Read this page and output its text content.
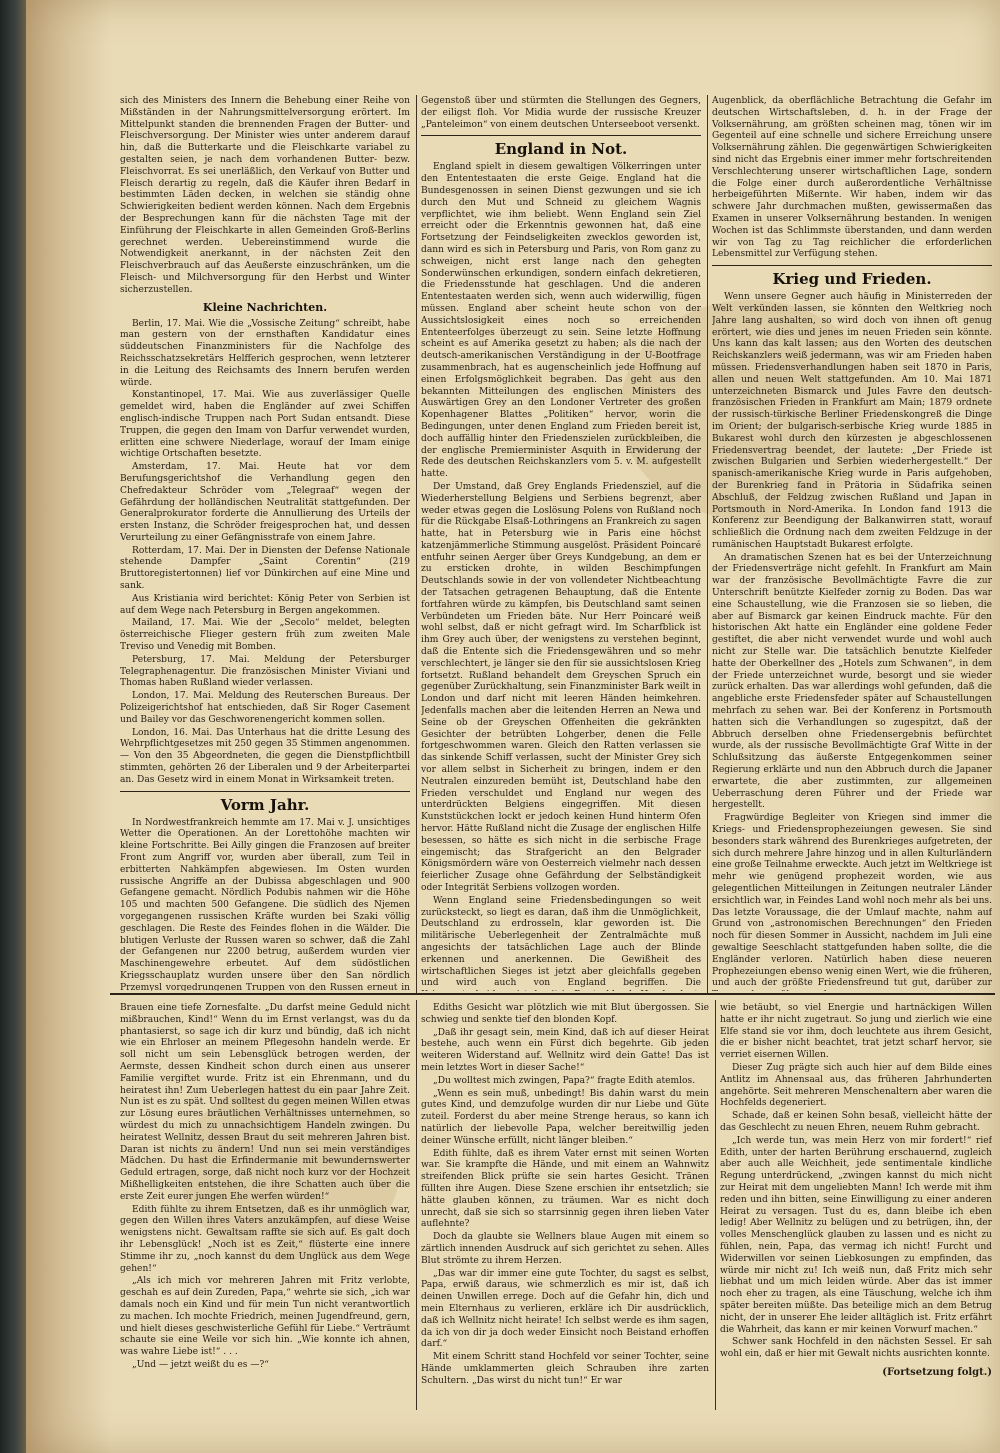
sich des Ministers des Innern die Behebung einer Reihe von Mißständen in der Nahrungsmittelversorgung erörtert. Im Mittelpunkt standen die brennenden Fragen der Butter- und Fleischversorgung. Der Minister wies unter anderem darauf hin, daß die Butterkarte und die Fleischkarte variabel zu gestalten seien, je nach dem vorhandenen Butter- bezw. Fleischvorrat. Es sei unerläßlich, den Verkauf von Butter und Fleisch derartig zu regeln, daß die Käufer ihren Bedarf in bestimmten Läden decken, in welchen sie ständig ohne Schwierigkeiten bedient werden können. Nach dem Ergebnis der Besprechungen kann für die nächsten Tage mit der Einführung der Fleischkarte in allen Gemeinden Groß-Berlins gerechnet werden. Uebereinstimmend wurde die Notwendigkeit anerkannt, in der nächsten Zeit den Fleischverbrauch auf das Aeußerste einzuschränken, um die Fleisch- und Milchversorgung für den Herbst und Winter sicherzustellen.

Kleine Nachrichten.

Berlin, 17. Mai. Wie die „Vossische Zeitung“ schreibt, habe man gestern von der ernsthaften Kandidatur eines süddeutschen Finanzministers für die Nachfolge des Reichsschatzsekretärs Helfferich gesprochen, wenn letzterer in die Leitung des Reichsamts des Innern berufen werden würde.

Konstantinopel, 17. Mai. Wie aus zuverlässiger Quelle gemeldet wird, haben die Engländer auf zwei Schiffen englisch-indische Truppen nach Port Sudan entsandt. Diese Truppen, die gegen den Imam von Darfur verwendet wurden, erlitten eine schwere Niederlage, worauf der Imam einige wichtige Ortschaften besetzte.

Amsterdam, 17. Mai. Heute hat vor dem Berufungsgerichtshof die Verhandlung gegen den Chefredakteur Schröder vom „Telegraaf“ wegen der Gefährdung der holländischen Neutralität stattgefunden. Der Generalprokurator forderte die Annullierung des Urteils der ersten Instanz, die Schröder freigesprochen hat, und dessen Verurteilung zu einer Gefängnisstrafe von einem Jahre.

Rotterdam, 17. Mai. Der in Diensten der Defense Nationale stehende Dampfer „Saint Corentin“ (219 Bruttoregistertonnen) lief vor Dünkirchen auf eine Mine und sank.

Aus Kristiania wird berichtet: König Peter von Serbien ist auf dem Wege nach Petersburg in Bergen angekommen.

Mailand, 17. Mai. Wie der „Secolo“ meldet, belegten österreichische Flieger gestern früh zum zweiten Male Treviso und Venedig mit Bomben.

Petersburg, 17. Mai. Meldung der Petersburger Telegraphenagentur. Die französischen Minister Viviani und Thomas haben Rußland wieder verlassen.

London, 17. Mai. Meldung des Reuterschen Bureaus. Der Polizeigerichtshof hat entschieden, daß Sir Roger Casement und Bailey vor das Geschworenengericht kommen sollen.

London, 16. Mai. Das Unterhaus hat die dritte Lesung des Wehrpflichtgesetzes mit 250 gegen 35 Stimmen angenommen. — Von den 35 Abgeordneten, die gegen die Dienstpflichtbill stimmten, gehörten 26 der Liberalen und 9 der Arbeiterpartei an. Das Gesetz wird in einem Monat in Wirksamkeit treten.

Vorm Jahr.

In Nordwestfrankreich hemmte am 17. Mai v. J. unsichtiges Wetter die Operationen. An der Lorettohöhe machten wir kleine Fortschritte. Bei Ailly gingen die Franzosen auf breiter Front zum Angriff vor, wurden aber überall, zum Teil in erbitterten Nahkämpfen abgewiesen. Im Osten wurden russische Angriffe an der Dubissa abgeschlagen und 900 Gefangene gemacht. Nördlich Podubis nahmen wir die Höhe 105 und machten 500 Gefangene. Die südlich des Njemen vorgegangenen russischen Kräfte wurden bei Szaki völlig geschlagen. Die Reste des Feindes flohen in die Wälder. Die blutigen Verluste der Russen waren so schwer, daß die Zahl der Gefangenen nur 2200 betrug, außerdem wurden vier Maschinengewehre erbeutet. Auf dem südöstlichen Kriegsschauplatz wurden unsere über den San nördlich Przemysl vorgedrungenen Truppen von den Russen erneut in

Gegenstoß über und stürmten die Stellungen des Gegners, der eiligst floh. Vor Midia wurde der russische Kreuzer „Panteleimon“ von einem deutschen Unterseeboot versenkt.

England in Not.

England spielt in diesem gewaltigen Völkerringen unter den Ententestaaten die erste Geige. England hat die Bundesgenossen in seinen Dienst gezwungen und sie ich durch den Mut und Schneid zu gleichem Wagnis verpflichtet, wie ihm beliebt. Wenn England sein Ziel erreicht oder die Erkenntnis gewonnen hat, daß eine Fortsetzung der Feindseligkeiten zwecklos geworden ist, dann wird es sich in Petersburg und Paris, von Rom ganz zu schweigen, nicht erst lange nach den gehegten Sonderwünschen erkundigen, sondern einfach dekretieren, die Friedensstunde hat geschlagen. Und die anderen Ententestaaten werden sich, wenn auch widerwillig, fügen müssen. England aber scheint heute schon von der Aussichtslosigkeit eines noch so erreichenden Ententeerfolges überzeugt zu sein. Seine letzte Hoffnung scheint es auf Amerika gesetzt zu haben; als die nach der deutsch-amerikanischen Verständigung in der U-Bootfrage zusammenbrach, hat es augenscheinlich jede Hoffnung auf einen Erfolgsmöglichkeit begraben. Das geht aus den bekannten Mitteilungen des englischen Ministers des Auswärtigen Grey an den Londoner Vertreter des großen Kopenhagener Blattes „Politiken“ hervor, worin die Bedingungen, unter denen England zum Frieden bereit ist, doch auffällig hinter den Friedenszielen zurückbleiben, die der englische Premierminister Asquith in Erwiderung der Rede des deutschen Reichskanzlers vom 5. v. M. aufgestellt hatte.

Der Umstand, daß Grey Englands Friedensziel, auf die Wiederherstellung Belgiens und Serbiens begrenzt, aber weder etwas gegen die Loslösung Polens von Rußland noch für die Rückgabe Elsaß-Lothringens an Frankreich zu sagen hatte, hat in Petersburg wie in Paris eine höchst katzenjämmerliche Stimmung ausgelöst. Präsident Poincaré entfuhr seinen Aerger über Greys Kundgebung, an dem er zu ersticken drohte, in wilden Beschimpfungen Deutschlands sowie in der von vollendeter Nichtbeachtung der Tatsachen getragenen Behauptung, daß die Entente fortfahren würde zu kämpfen, bis Deutschland samt seinen Verbündeten um Frieden bäte. Nur Herr Poincaré weiß wohl selbst, daß er nicht gefragt wird. Im Scharfblick ist ihm Grey auch über, der wenigstens zu verstehen beginnt, daß die Entente sich die Friedensgewähren und so mehr verschlechtert, je länger sie den für sie aussichtslosen Krieg fortsetzt. Rußland behandelt dem Greyschen Spruch ein gegenüber Zurückhaltung, sein Finanzminister Bark weilt in London und darf nicht mit leeren Händen heimkehren. Jedenfalls machen aber die leitenden Herren an Newa und Seine ob der Greyschen Offenheiten die gekränkten Gesichter der betrübten Lohgerber, denen die Felle fortgeschwommen waren. Gleich den Ratten verlassen sie das sinkende Schiff verlassen, sucht der Minister Grey sich vor allem selbst in Sicherheit zu bringen, indem er den Neutralen einzureden bemüht ist, Deutschland habe den Frieden verschuldet und England nur wegen des unterdrückten Belgiens eingegriffen. Mit diesen Kunststückchen lockt er jedoch keinen Hund hinterm Ofen hervor. Hätte Rußland nicht die Zusage der englischen Hilfe besessen, so hätte es sich nicht in die serbische Frage eingemischt; das Strafgericht an den Belgrader Königsmördern wäre von Oesterreich vielmehr nach dessen feierlicher Zusage ohne Gefährdung der Selbständigkeit oder Integrität Serbiens vollzogen worden.

Wenn England seine Friedensbedingungen so weit zurücksteckt, so liegt es daran, daß ihm die Unmöglichkeit, Deutschland zu erdrosseln, klar geworden ist. Die militärische Ueberlegenheit der Zentralmächte muß angesichts der tatsächlichen Lage auch der Blinde erkennen und anerkennen. Die Gewißheit des wirtschaftlichen Sieges ist jetzt aber gleichfalls gegeben und wird auch von England begriffen. Die

Augenblick, da oberflächliche Betrachtung die Gefahr im deutschen Wirtschaftsleben, d. h. in der Frage der Volksernährung, am größten scheinen mag, tönen wir im Gegenteil auf eine schnelle und sichere Erreichung unsere Volksernährung zählen. Die gegenwärtigen Schwierigkeiten sind nicht das Ergebnis einer immer mehr fortschreitenden Verschlechterung unserer wirtschaftlichen Lage, sondern die Folge einer durch außerordentliche Verhältnisse herbeigeführten Mißernte. Wir haben, indem wir das schwere Jahr durchmachen mußten, gewissermaßen das Examen in unserer Volksernährung bestanden. In wenigen Wochen ist das Schlimmste überstanden, und dann werden wir von Tag zu Tag reichlicher die erforderlichen Lebensmittel zur Verfügung stehen.

Krieg und Frieden.

Wenn unsere Gegner auch häufig in Ministerreden der Welt verkünden lassen, sie könnten den Weltkrieg noch Jahre lang aushalten, so wird doch von ihnen oft genug erörtert, wie dies und jenes im neuen Frieden sein könnte. Uns kann das kalt lassen; aus den Worten des deutschen Reichskanzlers weiß jedermann, was wir am Frieden haben müssen. Friedensverhandlungen haben seit 1870 in Paris, allen und neuen Welt stattgefunden. Am 10. Mai 1871 unterzeichneten Bismarck und Jules Favre den deutsch-französischen Frieden in Frankfurt am Main; 1879 ordnete der russisch-türkische Berliner Friedenskongreß die Dinge im Orient; der bulgarisch-serbische Krieg wurde 1885 in Bukarest wohl durch den kürzesten je abgeschlossenen Friedensvertrag beendet, der lautete: „Der Friede ist zwischen Bulgarien und Serbien wiederhergestellt.“ Der spanisch-amerikanische Krieg wurde in Paris aufgehoben, der Burenkrieg fand in Prätoria in Südafrika seinen Abschluß, der Feldzug zwischen Rußland und Japan in Portsmouth in Nord-Amerika. In London fand 1913 die Konferenz zur Beendigung der Balkanwirren statt, worauf schließlich die Ordnung nach dem zweiten Feldzuge in der rumänischen Hauptstadt Bukarest erfolgte.

An dramatischen Szenen hat es bei der Unterzeichnung der Friedensverträge nicht gefehlt. In Frankfurt am Main war der französische Bevollmächtigte Favre die zur Unterschrift benützte Kielfeder zornig zu Boden. Das war eine Schaustellung, wie die Franzosen sie so lieben, die aber auf Bismarck gar keinen Eindruck machte. Für den historischen Akt hatte ein Engländer eine goldene Feder gestiftet, die aber nicht verwendet wurde und wohl auch nicht zur Stelle war. Die tatsächlich benutzte Kielfeder hatte der Oberkellner des „Hotels zum Schwanen“, in dem der Friede unterzeichnet wurde, besorgt und sie wieder zurück erhalten. Das war allerdings wohl gefunden, daß die angebliche erste Friedensfeder später auf Schaustellungen mehrfach zu sehen war. Bei der Konferenz in Portsmouth hatten sich die Verhandlungen so zugespitzt, daß der Abbruch derselben ohne Friedensergebnis befürchtet wurde, als der russische Bevollmächtigte Graf Witte in der Schlußsitzung das äußerste Entgegenkommen seiner Regierung erklärte und nun den Abbruch durch die Japaner erwartete, die aber zustimmten, zur allgemeinen Ueberraschung deren Führer und der Friede war hergestellt.

Fragwürdige Begleiter von Kriegen sind immer die Kriegs- und Friedensprophezeiungen gewesen. Sie sind besonders stark während des Burenkrieges aufgetreten, der sich durch mehrere Jahre hinzog und in allen Kulturländern eine große Teilnahme erweckte. Auch jetzt im Weltkriege ist mehr wie genügend prophezeit worden, wie aus gelegentlichen Mitteilungen in Zeitungen neutraler Länder ersichtlich war, in Feindes Land wohl noch mehr als bei uns. Das letzte Voraussage, die der Umlauf machte, nahm auf Grund von „astronomischen Berechnungen“ den Frieden noch für diesen Sommer in Aussicht, nachdem im Juli eine gewaltige Seeschlacht stattgefunden haben sollte, die die Engländer verloren. Natürlich haben diese neueren Prophezeiungen ebenso wenig einen Wert, wie die früheren, und auch der größte Friedensfreund tut gut, darüber zur

Brauen eine tiefe Zornesfalte. „Du darfst meine Geduld nicht mißbrauchen, Kind!“ Wenn du im Ernst verlangst, was du da phantasierst, so sage ich dir kurz und bündig, daß ich nicht wie ein Ehrloser an meinem Pflegesohn handeln werde. Er soll nicht um sein Lebensglück betrogen werden, der Aermste, dessen Kindheit schon durch einen aus unserer Familie vergiftet wurde. Fritz ist ein Ehrenmann, und du heiratest ihn! Zum Ueberlegen hattest du ein paar Jahre Zeit. Nun ist es zu spät. Und solltest du gegen meinen Willen etwas zur Lösung eures bräutlichen Verhältnisses unternehmen, so würdest du mich zu unnachsichtigem Handeln zwingen. Du heiratest Wellnitz, dessen Braut du seit mehreren Jahren bist. Daran ist nichts zu ändern! Und nun sei mein verständiges Mädchen. Du hast die Erfindermanie mit bewundernswerter Geduld ertragen, sorge, daß nicht noch kurz vor der Hochzeit Mißhelligkeiten entstehen, die ihre Schatten auch über die erste Zeit eurer jungen Ehe werfen würden!“

Edith fühlte zu ihrem Entsetzen, daß es ihr unmöglich war, gegen den Willen ihres Vaters anzukämpfen, auf diese Weise wenigstens nicht. Gewaltsam raffte sie sich auf. Es galt doch ihr Lebensglück! „Noch ist es Zeit,“ flüsterte eine innere Stimme ihr zu, „noch kannst du dem Unglück aus dem Wege gehen!“

„Als ich mich vor mehreren Jahren mit Fritz verlobte, geschah es auf dein Zureden, Papa,“ wehrte sie sich, „ich war damals noch ein Kind und für mein Tun nicht verantwortlich zu machen. Ich mochte Friedrich, meinen Jugendfreund, gern, und hielt dieses geschwisterliche Gefühl für Liebe.“ Verträumt schaute sie eine Weile vor sich hin. „Wie konnte ich ahnen, was wahre Liebe ist!“ . . .

„Und — jetzt weißt du es —?“

Ediths Gesicht war plötzlich wie mit Blut übergossen. Sie schwieg und senkte tief den blonden Kopf.

„Daß ihr gesagt sein, mein Kind, daß ich auf dieser Heirat bestehe, auch wenn ein Fürst dich begehrte. Gib jeden weiteren Widerstand auf. Wellnitz wird dein Gatte! Das ist mein letztes Wort in dieser Sache!“

„Du wolltest mich zwingen, Papa?“ fragte Edith atemlos.

„Wenn es sein muß, unbedingt! Bis dahin warst du mein gutes Kind, und demzufolge wurden dir nur Liebe und Güte zuteil. Forderst du aber meine Strenge heraus, so kann ich natürlich der liebevolle Papa, welcher bereitwillig jeden deiner Wünsche erfüllt, nicht länger bleiben.“

Edith fühlte, daß es ihrem Vater ernst mit seinen Worten war. Sie krampfte die Hände, und mit einem an Wahnwitz streifenden Blick prüfte sie sein hartes Gesicht. Tränen füllten ihre Augen. Diese Szene erschien ihr entsetzlich; sie hätte glauben können, zu träumen. War es nicht doch unrecht, daß sie sich so starrsinnig gegen ihren lieben Vater auflehnte?

Doch da glaubte sie Wellners blaue Augen mit einem so zärtlich innenden Ausdruck auf sich gerichtet zu sehen. Alles Blut strömte zu ihrem Herzen.

„Das war dir immer eine gute Tochter, du sagst es selbst, Papa, erwiß daraus, wie schmerzlich es mir ist, daß ich deinen Unwillen errege. Doch auf die Gefahr hin, dich und mein Elternhaus zu verlieren, erkläre ich Dir ausdrücklich, daß ich Wellnitz nicht heirate! Ich selbst werde es ihm sagen, da ich von dir ja doch weder Einsicht noch Beistand erhoffen darf.“

Mit einem Schritt stand Hochfeld vor seiner Tochter, seine Hände umklammerten gleich Schrauben ihre zarten Schultern. „Das wirst du nicht tun!“ Er war

wie betäubt, so viel Energie und hartnäckigen Willen hatte er ihr nicht zugetraut. So jung und zierlich wie eine Elfe stand sie vor ihm, doch leuchtete aus ihrem Gesicht, die er bisher nicht beachtet, trat jetzt scharf hervor, sie verriet eisernen Willen.

Dieser Zug prägte sich auch hier auf dem Bilde eines Antlitz im Ahnensaal aus, das früheren Jahrhunderten angehörte. Seit mehreren Menschenaltern aber waren die Hochfelds degeneriert.

Schade, daß er keinen Sohn besaß, vielleicht hätte der das Geschlecht zu neuen Ehren, neuem Ruhm gebracht.

„Ich werde tun, was mein Herz von mir fordert!“ rief Edith, unter der harten Berührung erschauernd, zugleich aber auch alle Weichheit, jede sentimentale kindliche Regung unterdrückend, „zwingen kannst du mich nicht zur Heirat mit dem ungeliebten Mann! Ich werde mit ihm reden und ihn bitten, seine Einwilligung zu einer anderen Heirat zu versagen. Tust du es, dann bleibe ich eben ledig! Aber Wellnitz zu belügen und zu betrügen, ihn, der volles Menschenglück glauben zu lassen und es nicht zu fühlen, nein, Papa, das vermag ich nicht! Furcht und Widerwillen vor seinen Liebkosungen zu empfinden, das würde mir nicht zu! Ich weiß nun, daß Fritz mich sehr liebhat und um mich leiden würde. Aber das ist immer noch eher zu tragen, als eine Täuschung, welche ich ihm später bereiten müßte. Das beteilige mich an dem Betrug nicht, der in unserer Ehe leider alltäglich ist. Fritz erfährt die Wahrheit, das kann er mir keinen Vorwurf machen.“

Schwer sank Hochfeld in den nächsten Sessel. Er sah wohl ein, daß er hier mit Gewalt nichts ausrichten konnte.

(Fortsetzung folgt.)
